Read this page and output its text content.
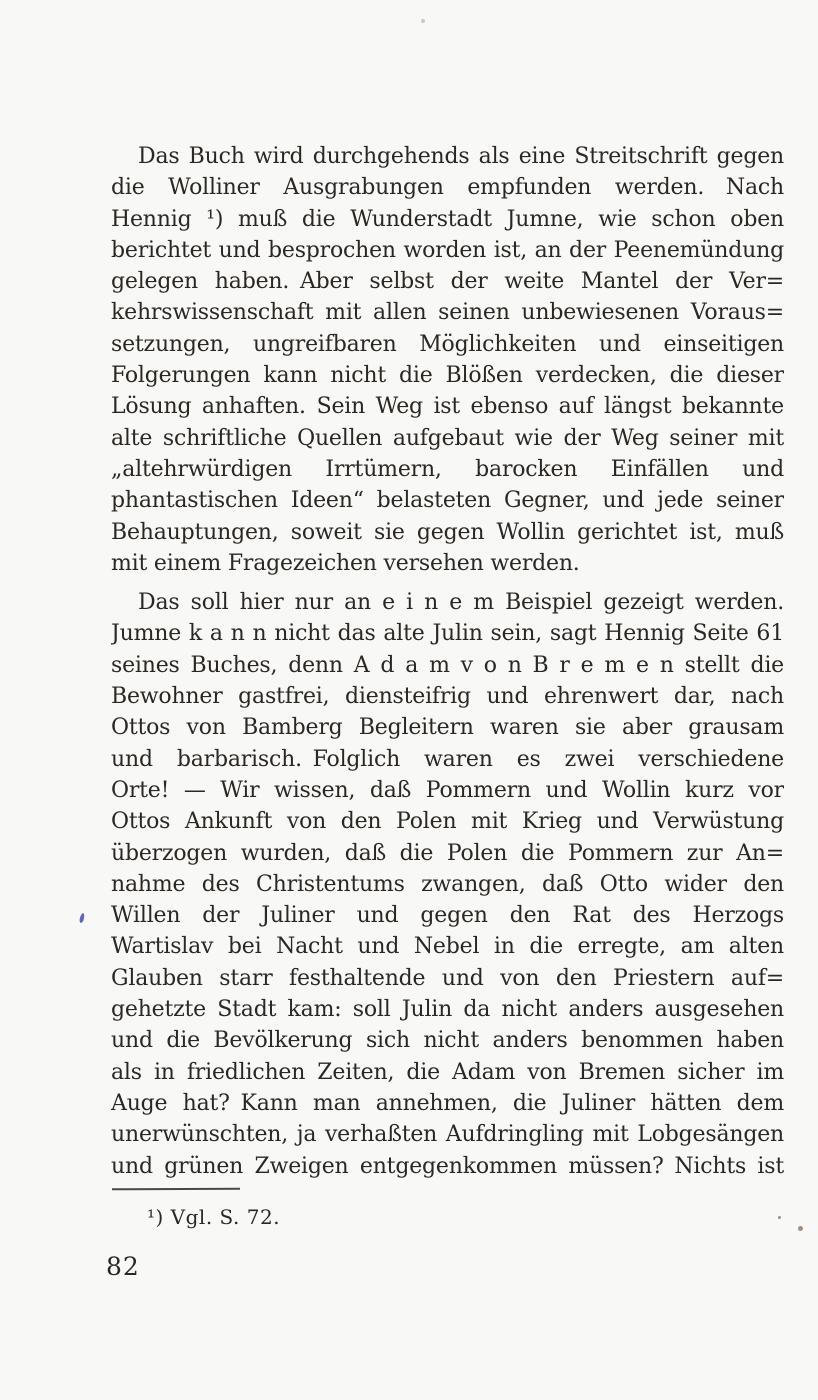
Das Buch wird durchgehends als eine Streitschrift gegen
die Wolliner Ausgrabungen empfunden werden. Nach
Hennig ¹) muß die Wunderstadt Jumne, wie schon oben
berichtet und besprochen worden ist, an der Peenemündung
gelegen haben. Aber selbst der weite Mantel der Ver=
kehrswissenschaft mit allen seinen unbewiesenen Voraus=
setzungen, ungreifbaren Möglichkeiten und einseitigen
Folgerungen kann nicht die Blößen verdecken, die dieser
Lösung anhaften. Sein Weg ist ebenso auf längst bekannte
alte schriftliche Quellen aufgebaut wie der Weg seiner mit
„altehrwürdigen Irrtümern, barocken Einfällen und
phantastischen Ideen“ belasteten Gegner, und jede seiner
Behauptungen, soweit sie gegen Wollin gerichtet ist, muß
mit einem Fragezeichen versehen werden.
Das soll hier nur an e i n e m Beispiel gezeigt werden.
Jumne k a n n nicht das alte Julin sein, sagt Hennig Seite 61
seines Buches, denn A d a m v o n B r e m e n stellt die
Bewohner gastfrei, diensteifrig und ehrenwert dar, nach
Ottos von Bamberg Begleitern waren sie aber grausam
und barbarisch. Folglich waren es zwei verschiedene
Orte! — Wir wissen, daß Pommern und Wollin kurz vor
Ottos Ankunft von den Polen mit Krieg und Verwüstung
überzogen wurden, daß die Polen die Pommern zur An=
nahme des Christentums zwangen, daß Otto wider den
Willen der Juliner und gegen den Rat des Herzogs
Wartislav bei Nacht und Nebel in die erregte, am alten
Glauben starr festhaltende und von den Priestern auf=
gehetzte Stadt kam: soll Julin da nicht anders ausgesehen
und die Bevölkerung sich nicht anders benommen haben
als in friedlichen Zeiten, die Adam von Bremen sicher im
Auge hat? Kann man annehmen, die Juliner hätten dem
unerwünschten, ja verhaßten Aufdringling mit Lobgesängen
und grünen Zweigen entgegenkommen müssen? Nichts ist
¹) Vgl. S. 72.
82
